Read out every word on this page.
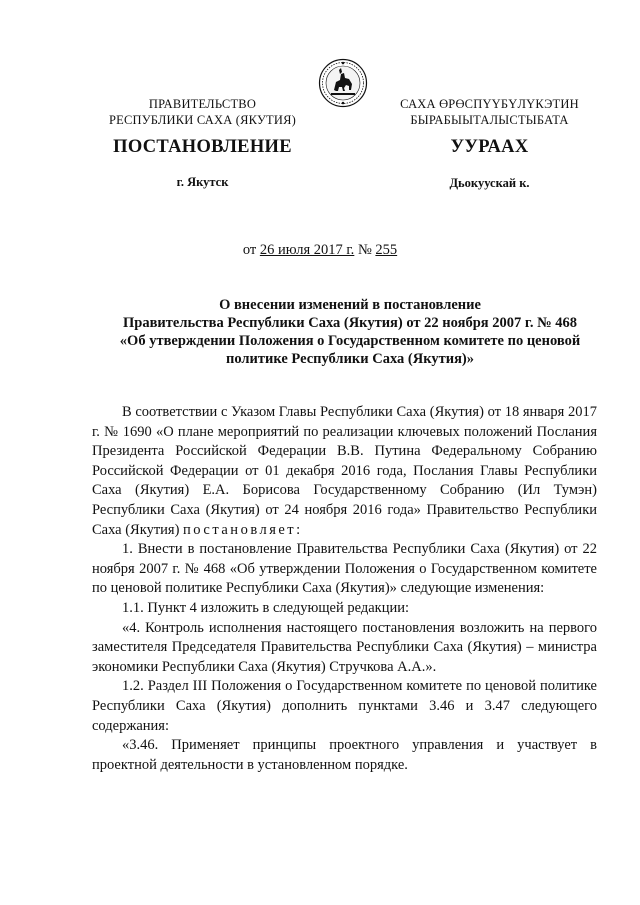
ПРАВИТЕЛЬСТВО
РЕСПУБЛИКИ САХА (ЯКУТИЯ)
САХА ӨРӨСПҮҮБҮЛҮКЭТИН
БЫРАБЫЫТАЛЫСТЫБАТА
ПОСТАНОВЛЕНИЕ	УУРААХ
г. Якутск	Дьокуускай к.
от 26 июля 2017 г. № 255
О внесении изменений в постановление
Правительства Республики Саха (Якутия) от 22 ноября 2007 г. № 468
«Об утверждении Положения о Государственном комитете по ценовой
политике Республики Саха (Якутия)»

В соответствии с Указом Главы Республики Саха (Якутия) от 18 января 2017 г. № 1690 «О плане мероприятий по реализации ключевых положений Послания Президента Российской Федерации В.В. Путина Федеральному Собранию Российской Федерации от 01 декабря 2016 года, Послания Главы Республики Саха (Якутия) Е.А. Борисова Государственному Собранию (Ил Тумэн) Республики Саха (Якутия) от 24 ноября 2016 года» Правительство Республики Саха (Якутия) постановляет:

1. Внести в постановление Правительства Республики Саха (Якутия) от 22 ноября 2007 г. № 468 «Об утверждении Положения о Государственном комитете по ценовой политике Республики Саха (Якутия)» следующие изменения:

1.1. Пункт 4 изложить в следующей редакции:

«4. Контроль исполнения настоящего постановления возложить на первого заместителя Председателя Правительства Республики Саха (Якутия) – министра экономики Республики Саха (Якутия) Стручкова А.А.».

1.2. Раздел III Положения о Государственном комитете по ценовой политике Республики Саха (Якутия) дополнить пунктами 3.46 и 3.47 следующего содержания:

«3.46. Применяет принципы проектного управления и участвует в проектной деятельности в установленном порядке.
